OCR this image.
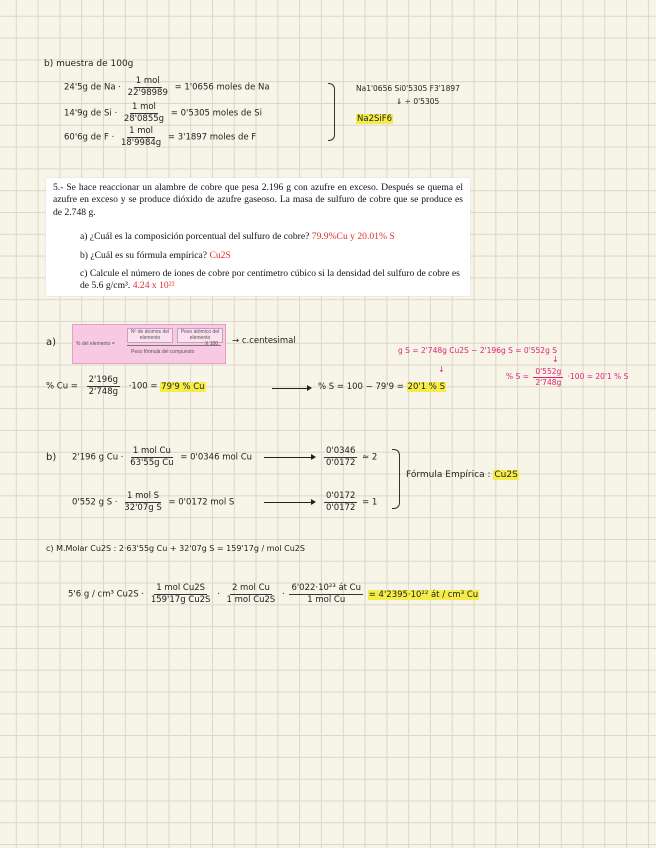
b) muestra de 100g
24'5g de $Na \cdot \frac{\text{1 mol}}{22'98989} = 1'0656$ moles de Na
14'9g de $Si \cdot \frac{\text{1 mol}}{28'0855g} = 0'5305$ moles de Si
60'6g de $F \cdot \frac{\text{1 mol}}{18'9984g} = 3'1897$ moles de F
Na1'0656 Si0'5305 F3'1897
⇓ ÷ 0'5305
Na2SiF6

5.- Se hace reaccionar un alambre de cobre que pesa 2.196 g con azufre en exceso. Después se quema el azufre en exceso y se produce dióxido de azufre gaseoso. La masa de sulfuro de cobre que se produce es de 2.748 g.

a) ¿Cuál es la composición porcentual del sulfuro de cobre? 79.9%Cu y 20.01% S

b) ¿Cuál es su fórmula empírica? Cu2S

c) Calcule el número de iones de cobre por centímetro cúbico si la densidad del sulfuro de cobre es de 5.6 g/cm³. 4.24 x 10²²

a)	% del elemento =
Nº de átomos del elemento
Peso atómico del elemento
Peso fórmula del compuesto
X 100 → c.centesimal
g S = 2'748g Cu2S − 2'196g S = 0'552g S
↓
↓
% $Cu = \frac{2'196g}{2'748g} \cdot 100 = 79'9$ % Cu	% S = 100 − 79'9 = 20'1 % S
% $S = \frac{0'552g}{2'748g} \cdot 100 = 20'1$ % S
b) 2'196 g $Cu \cdot \frac{\text{1 mol Cu}}{\text{63'55g Cu}} = 0'0346$ mol Cu	$\frac{0'0346}{0'0172} \approx 2$
0'552 g $S \cdot \frac{\text{1 mol S}}{\text{32'07g S}} = 0'0172$ mol S	$\frac{0'0172}{0'0172} = 1$
Fórmula Empírica : Cu2S
c) M.Molar Cu2S : 2·63'55g Cu + 32'07g S = 159'17g / mol Cu2S
5'6 g / cm³ $Cu2S \cdot \frac{\text{1 mol Cu2S}}{\text{159'17g Cu2S}} \cdot \frac{\text{2 mol Cu}}{\text{1 mol Cu2S}} \cdot \frac{\text{6'022·10²³ át Cu}}{\text{1 mol Cu}} = 4'2395\cdot 10^{22}$ át / cm³ Cu
